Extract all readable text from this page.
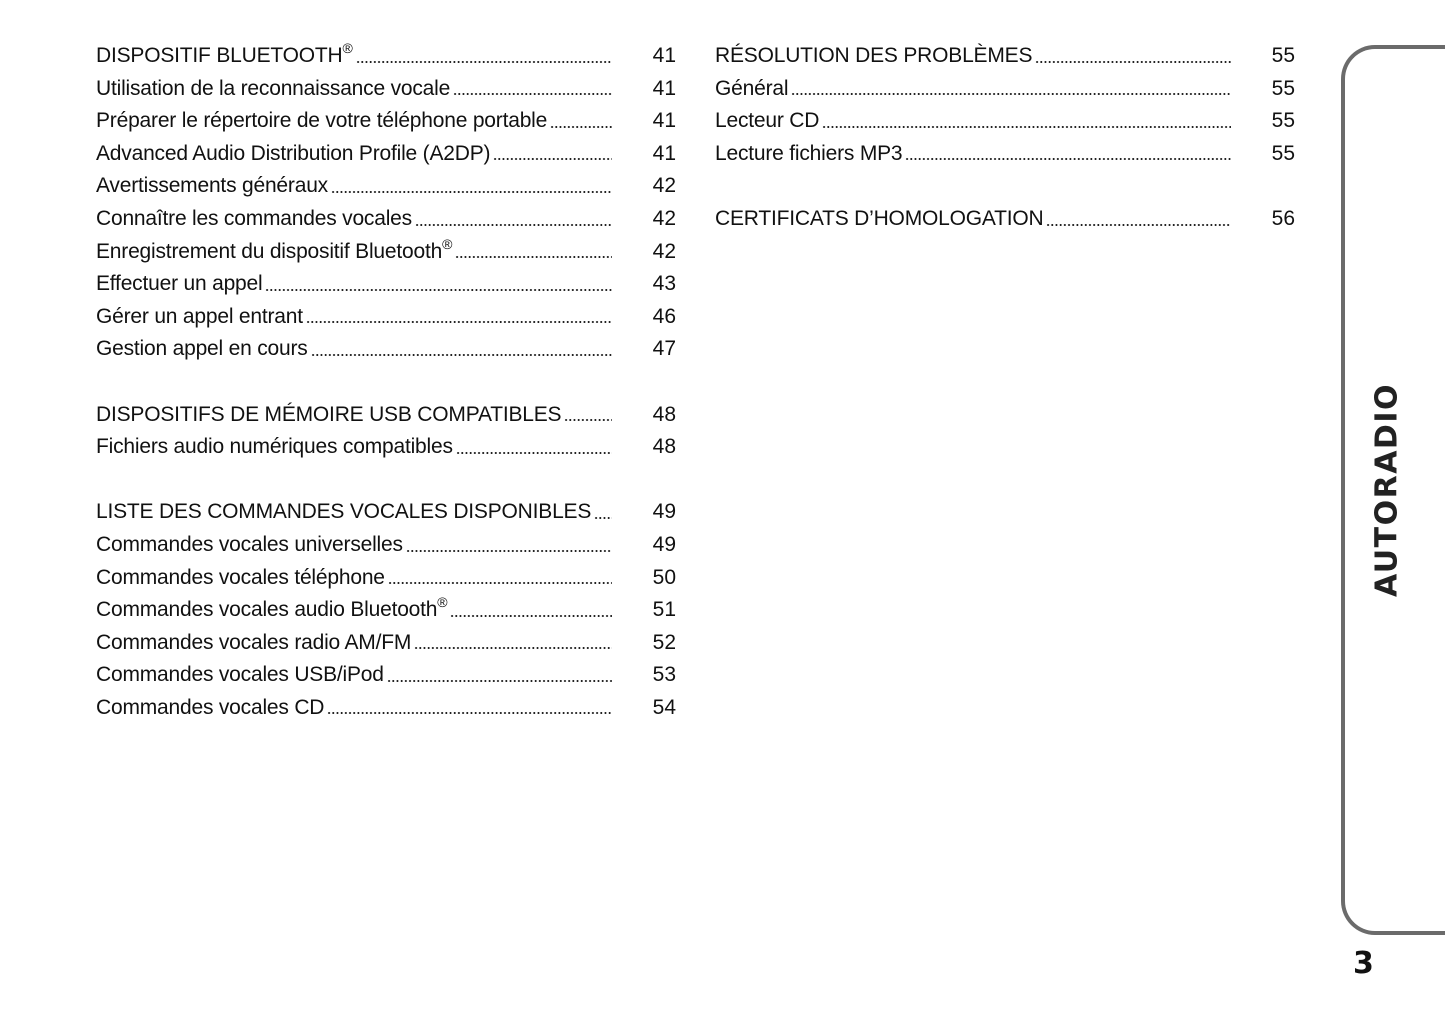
DISPOSITIF BLUETOOTH®	41
Utilisation de la reconnaissance vocale	41
Préparer le répertoire de votre téléphone portable	41
Advanced Audio Distribution Profile (A2DP)	41
Avertissements généraux	42
Connaître les commandes vocales	42
Enregistrement du dispositif Bluetooth®	42
Effectuer un appel	43
Gérer un appel entrant	46
Gestion appel en cours	47
DISPOSITIFS DE MÉMOIRE USB COMPATIBLES	48
Fichiers audio numériques compatibles	48
LISTE DES COMMANDES VOCALES DISPONIBLES	49
Commandes vocales universelles	49
Commandes vocales téléphone	50
Commandes vocales audio Bluetooth®	51
Commandes vocales radio AM/FM	52
Commandes vocales USB/iPod	53
Commandes vocales CD	54
RÉSOLUTION DES PROBLÈMES	55
Général	55
Lecteur CD	55
Lecture fichiers MP3	55
CERTIFICATS D’HOMOLOGATION	56
AUTORADIO
3
